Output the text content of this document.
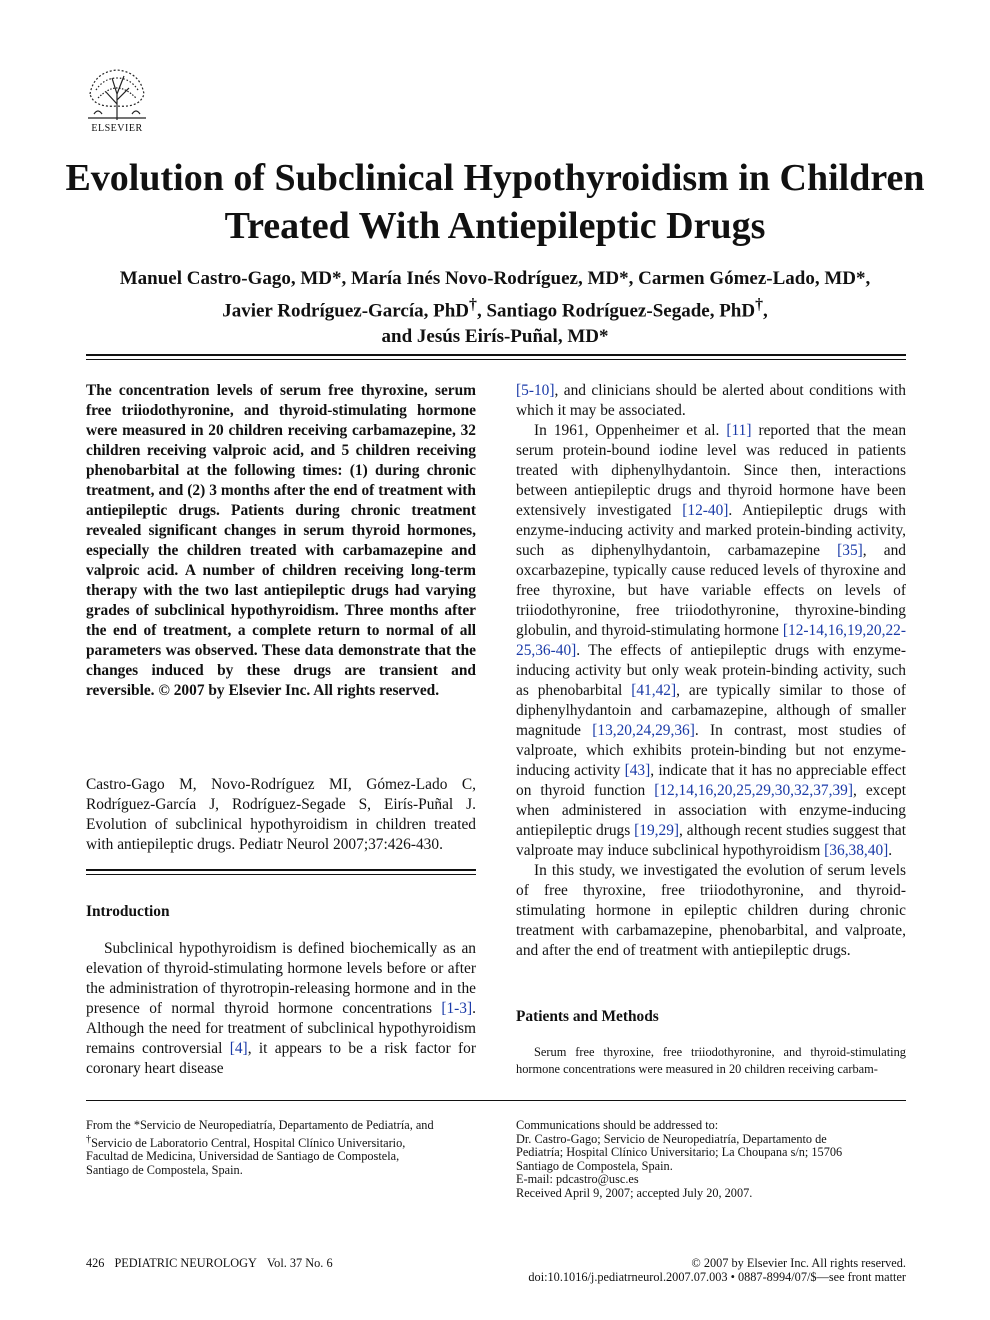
ELSEVIER
Evolution of Subclinical Hypothyroidism in Children Treated With Antiepileptic Drugs
Manuel Castro-Gago, MD*, María Inés Novo-Rodríguez, MD*, Carmen Gómez-Lado, MD*,
Javier Rodríguez-García, PhD†, Santiago Rodríguez-Segade, PhD†,
and Jesús Eirís-Puñal, MD*
The concentration levels of serum free thyroxine, serum free triiodothyronine, and thyroid-stimulating hormone were measured in 20 children receiving carbamazepine, 32 children receiving valproic acid, and 5 children receiving phenobarbital at the following times: (1) during chronic treatment, and (2) 3 months after the end of treatment with antiepileptic drugs. Patients during chronic treatment revealed significant changes in serum thyroid hormones, especially the children treated with carbamazepine and valproic acid. A number of children receiving long-term therapy with the two last antiepileptic drugs had varying grades of subclinical hypothyroidism. Three months after the end of treatment, a complete return to normal of all parameters was observed. These data demonstrate that the changes induced by these drugs are transient and reversible. © 2007 by Elsevier Inc. All rights reserved.
Castro-Gago M, Novo-Rodríguez MI, Gómez-Lado C, Rodríguez-García J, Rodríguez-Segade S, Eirís-Puñal J. Evolution of subclinical hypothyroidism in children treated with antiepileptic drugs. Pediatr Neurol 2007;37:426-430.
Introduction

Subclinical hypothyroidism is defined biochemically as an elevation of thyroid-stimulating hormone levels before or after the administration of thyrotropin-releasing hormone and in the presence of normal thyroid hormone concentrations [1-3]. Although the need for treatment of subclinical hypothyroidism remains controversial [4], it appears to be a risk factor for coronary heart disease

[5-10], and clinicians should be alerted about conditions with which it may be associated.

In 1961, Oppenheimer et al. [11] reported that the mean serum protein-bound iodine level was reduced in patients treated with diphenylhydantoin. Since then, interactions between antiepileptic drugs and thyroid hormone have been extensively investigated [12-40]. Antiepileptic drugs with enzyme-inducing activity and marked protein-binding activity, such as diphenylhydantoin, carbamazepine [35], and oxcarbazepine, typically cause reduced levels of thyroxine and free thyroxine, but have variable effects on levels of triiodothyronine, free triiodothyronine, thyroxine-binding globulin, and thyroid-stimulating hormone [12-14,16,19,20,22-25,36-40]. The effects of antiepileptic drugs with enzyme-inducing activity but only weak protein-binding activity, such as phenobarbital [41,42], are typically similar to those of diphenylhydantoin and carbamazepine, although of smaller magnitude [13,20,24,29,36]. In contrast, most studies of valproate, which exhibits protein-binding but not enzyme-inducing activity [43], indicate that it has no appreciable effect on thyroid function [12,14,16,20,25,29,30,32,37,39], except when administered in association with enzyme-inducing antiepileptic drugs [19,29], although recent studies suggest that valproate may induce subclinical hypothyroidism [36,38,40].

In this study, we investigated the evolution of serum levels of free thyroxine, free triiodothyronine, and thyroid-stimulating hormone in epileptic children during chronic treatment with carbamazepine, phenobarbital, and valproate, and after the end of treatment with antiepileptic drugs.

Patients and Methods

Serum free thyroxine, free triiodothyronine, and thyroid-stimulating hormone concentrations were measured in 20 children receiving carbam-

From the *Servicio de Neuropediatría, Departamento de Pediatría, and

†Servicio de Laboratorio Central, Hospital Clínico Universitario,

Facultad de Medicina, Universidad de Santiago de Compostela,

Santiago de Compostela, Spain.

Communications should be addressed to:

Dr. Castro-Gago; Servicio de Neuropediatría, Departamento de

Pediatría; Hospital Clínico Universitario; La Choupana s/n; 15706

Santiago de Compostela, Spain.

E-mail: pdcastro@usc.es

Received April 9, 2007; accepted July 20, 2007.

426 PEDIATRIC NEUROLOGY Vol. 37 No. 6	© 2007 by Elsevier Inc. All rights reserved.
doi:10.1016/j.pediatrneurol.2007.07.003 • 0887-8994/07/$—see front matter
